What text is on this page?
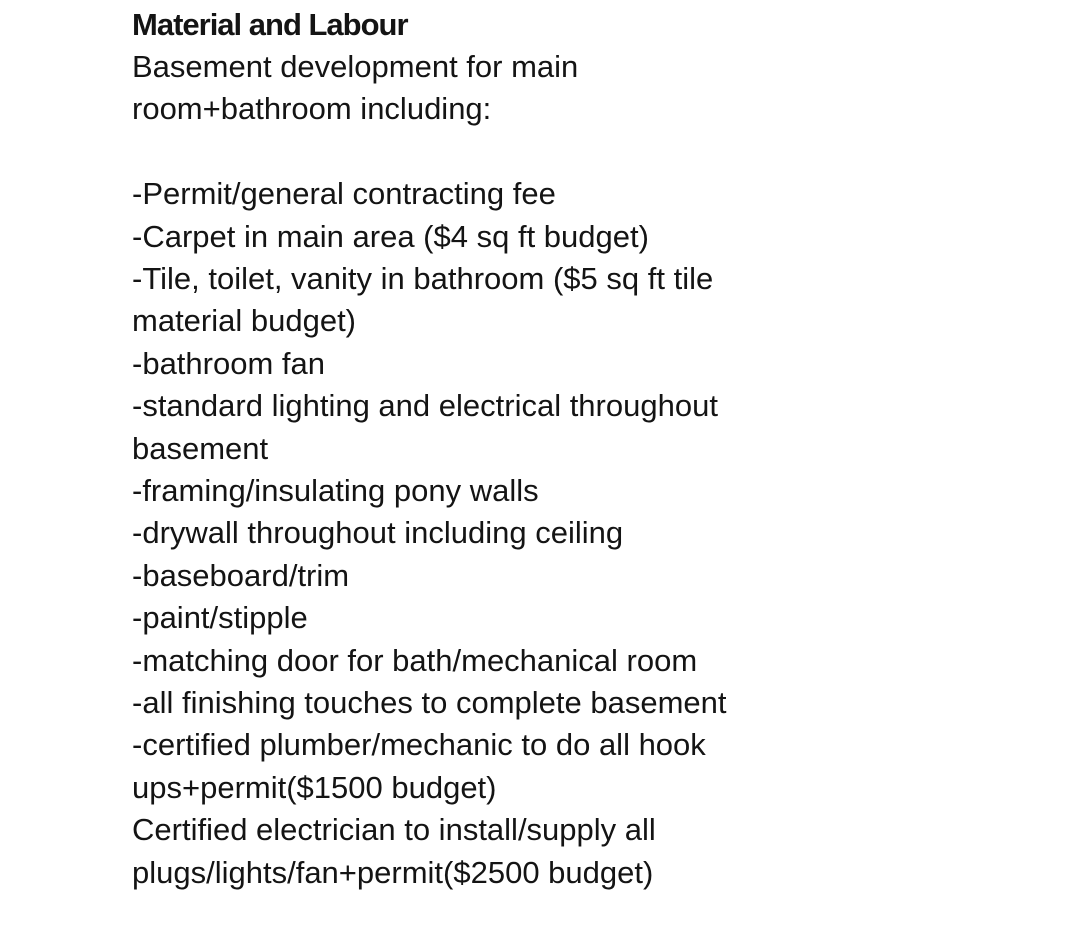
Material and Labour
Basement development for main
room+bathroom including:
-Permit/general contracting fee
-Carpet in main area ($4 sq ft budget)
-Tile, toilet, vanity in bathroom ($5 sq ft tile
material budget)
-bathroom fan
-standard lighting and electrical throughout
basement
-framing/insulating pony walls
-drywall throughout including ceiling
-baseboard/trim
-paint/stipple
-matching door for bath/mechanical room
-all finishing touches to complete basement
-certified plumber/mechanic to do all hook
ups+permit($1500 budget)
Certified electrician to install/supply all
plugs/lights/fan+permit($2500 budget)
